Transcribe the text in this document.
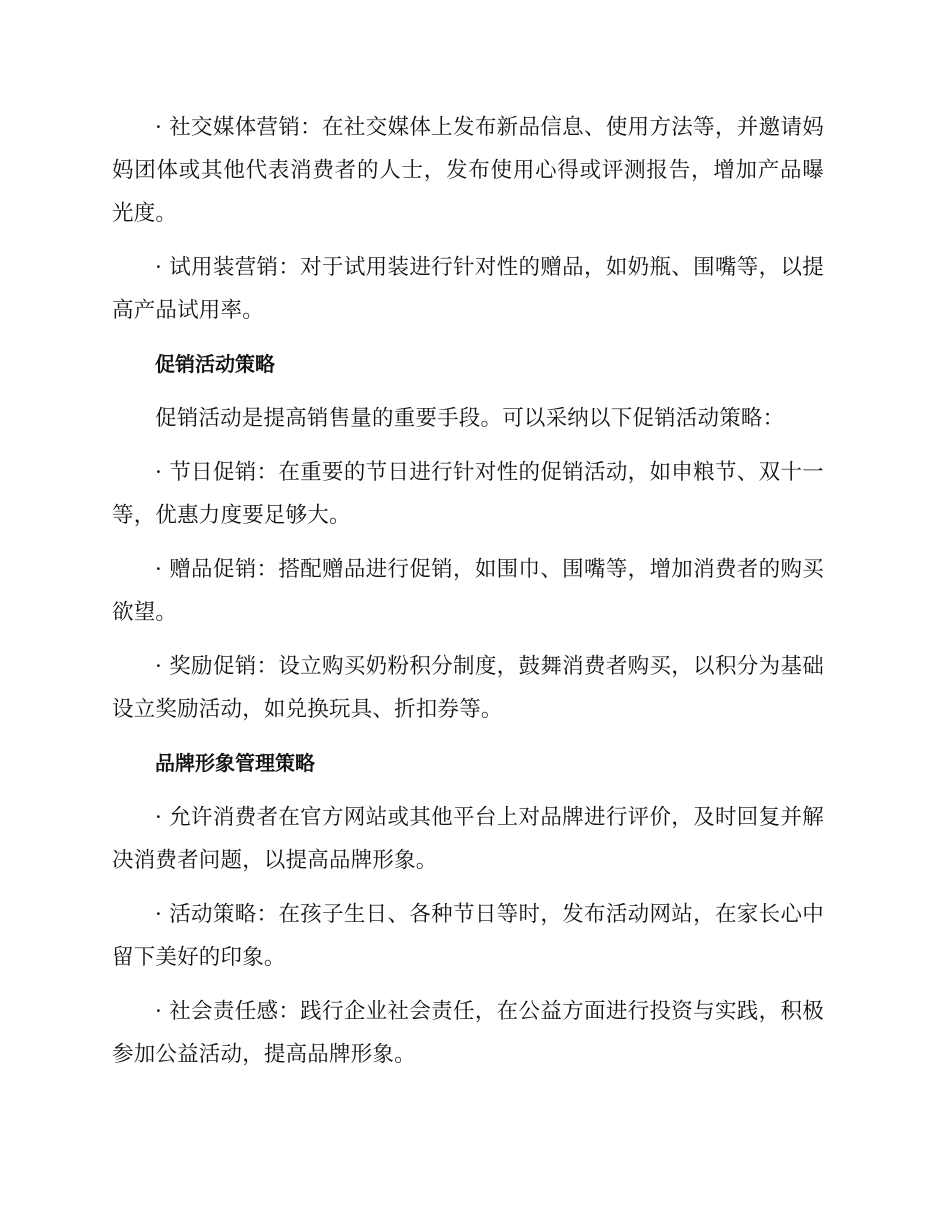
· 社交媒体营销：在社交媒体上发布新品信息、使用方法等，并邀请妈妈团体或其他代表消费者的人士，发布使用心得或评测报告，增加产品曝光度。

· 试用装营销：对于试用装进行针对性的赠品，如奶瓶、围嘴等，以提高产品试用率。

促销活动策略

促销活动是提高销售量的重要手段。可以采纳以下促销活动策略：

· 节日促销：在重要的节日进行针对性的促销活动，如申粮节、双十一等，优惠力度要足够大。

· 赠品促销：搭配赠品进行促销，如围巾、围嘴等，增加消费者的购买欲望。

· 奖励促销：设立购买奶粉积分制度，鼓舞消费者购买，以积分为基础设立奖励活动，如兑换玩具、折扣券等。

品牌形象管理策略

· 允许消费者在官方网站或其他平台上对品牌进行评价，及时回复并解决消费者问题，以提高品牌形象。

· 活动策略：在孩子生日、各种节日等时，发布活动网站，在家长心中留下美好的印象。

· 社会责任感：践行企业社会责任，在公益方面进行投资与实践，积极参加公益活动，提高品牌形象。
